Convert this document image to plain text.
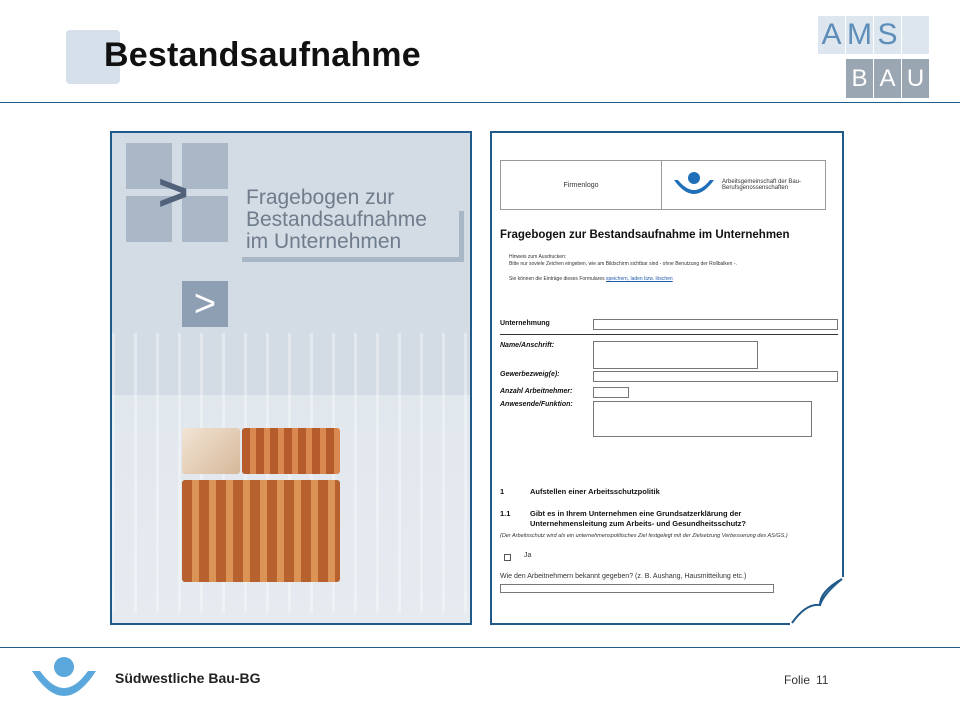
Bestandsaufnahme
A M S
B A U
>	Fragebogen zur
Bestandsaufnahme
im Unternehmen
>
Firmenlogo	Arbeitsgemeinschaft der Bau-Berufsgenossenschaften
Fragebogen zur Bestandsaufnahme im Unternehmen
Hinweis zum Ausdrucken:
Bitte nur soviele Zeichen eingeben, wie am Bildschirm sichtbar sind - ohne Benutzung der Rollbalken -.
Sie können die Einträge dieses Formulares speichern, laden bzw. löschen
Unternehmung
Name/Anschrift:
Gewerbezweig(e):
Anzahl Arbeitnehmer:
Anwesende/Funktion:
1	Aufstellen einer Arbeitsschutzpolitik
1.1	Gibt es in Ihrem Unternehmen eine Grundsatzerklärung der Unternehmensleitung zum Arbeits- und Gesundheitsschutz?
(Der Arbeitsschutz wird als ein unternehmenspolitisches Ziel festgelegt mit der Zielsetzung Verbesserung des AS/GS.)
Ja
Wie den Arbeitnehmern bekannt gegeben? (z. B. Aushang, Hausmitteilung etc.)
Südwestliche Bau-BG	Folie 11
